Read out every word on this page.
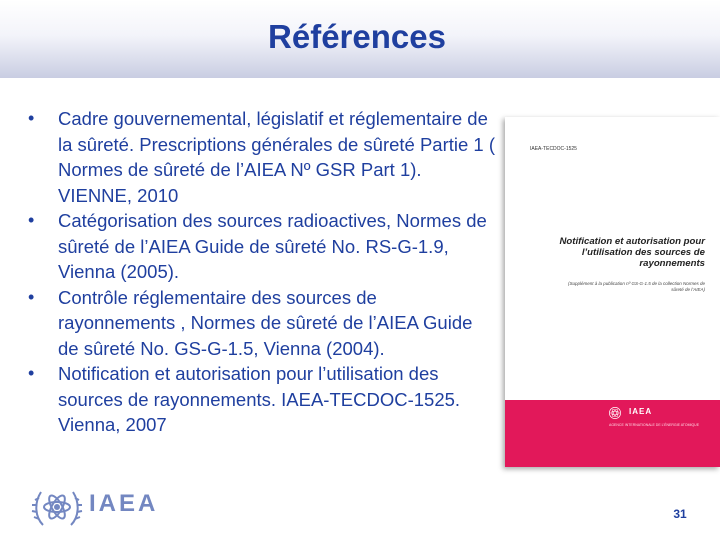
Références
• Cadre gouvernemental, législatif et réglementaire de la sûreté. Prescriptions générales de sûreté Partie 1 ( Normes de sûreté de l’AIEA Nº GSR Part 1). VIENNE, 2010
• Catégorisation des sources radioactives, Normes de sûreté de l’AIEA Guide de sûreté No. RS-G-1.9, Vienna (2005).
• Contrôle réglementaire des sources de rayonnements , Normes de sûreté de l’AIEA Guide de sûreté No. GS-G-1.5, Vienna (2004).
• Notification et autorisation pour l’utilisation des sources de rayonnements. IAEA-TECDOC-1525. Vienna, 2007
IAEA-TECDOC-1525
Notification et autorisation pour l’utilisation des sources de rayonnements
(Supplément à la publication nº GS-G-1.5 de la collection Normes de sûreté de l’AIEA)
IAEA
AGENCE INTERNATIONALE DE L’ÉNERGIE ATOMIQUE
IAEA	31
